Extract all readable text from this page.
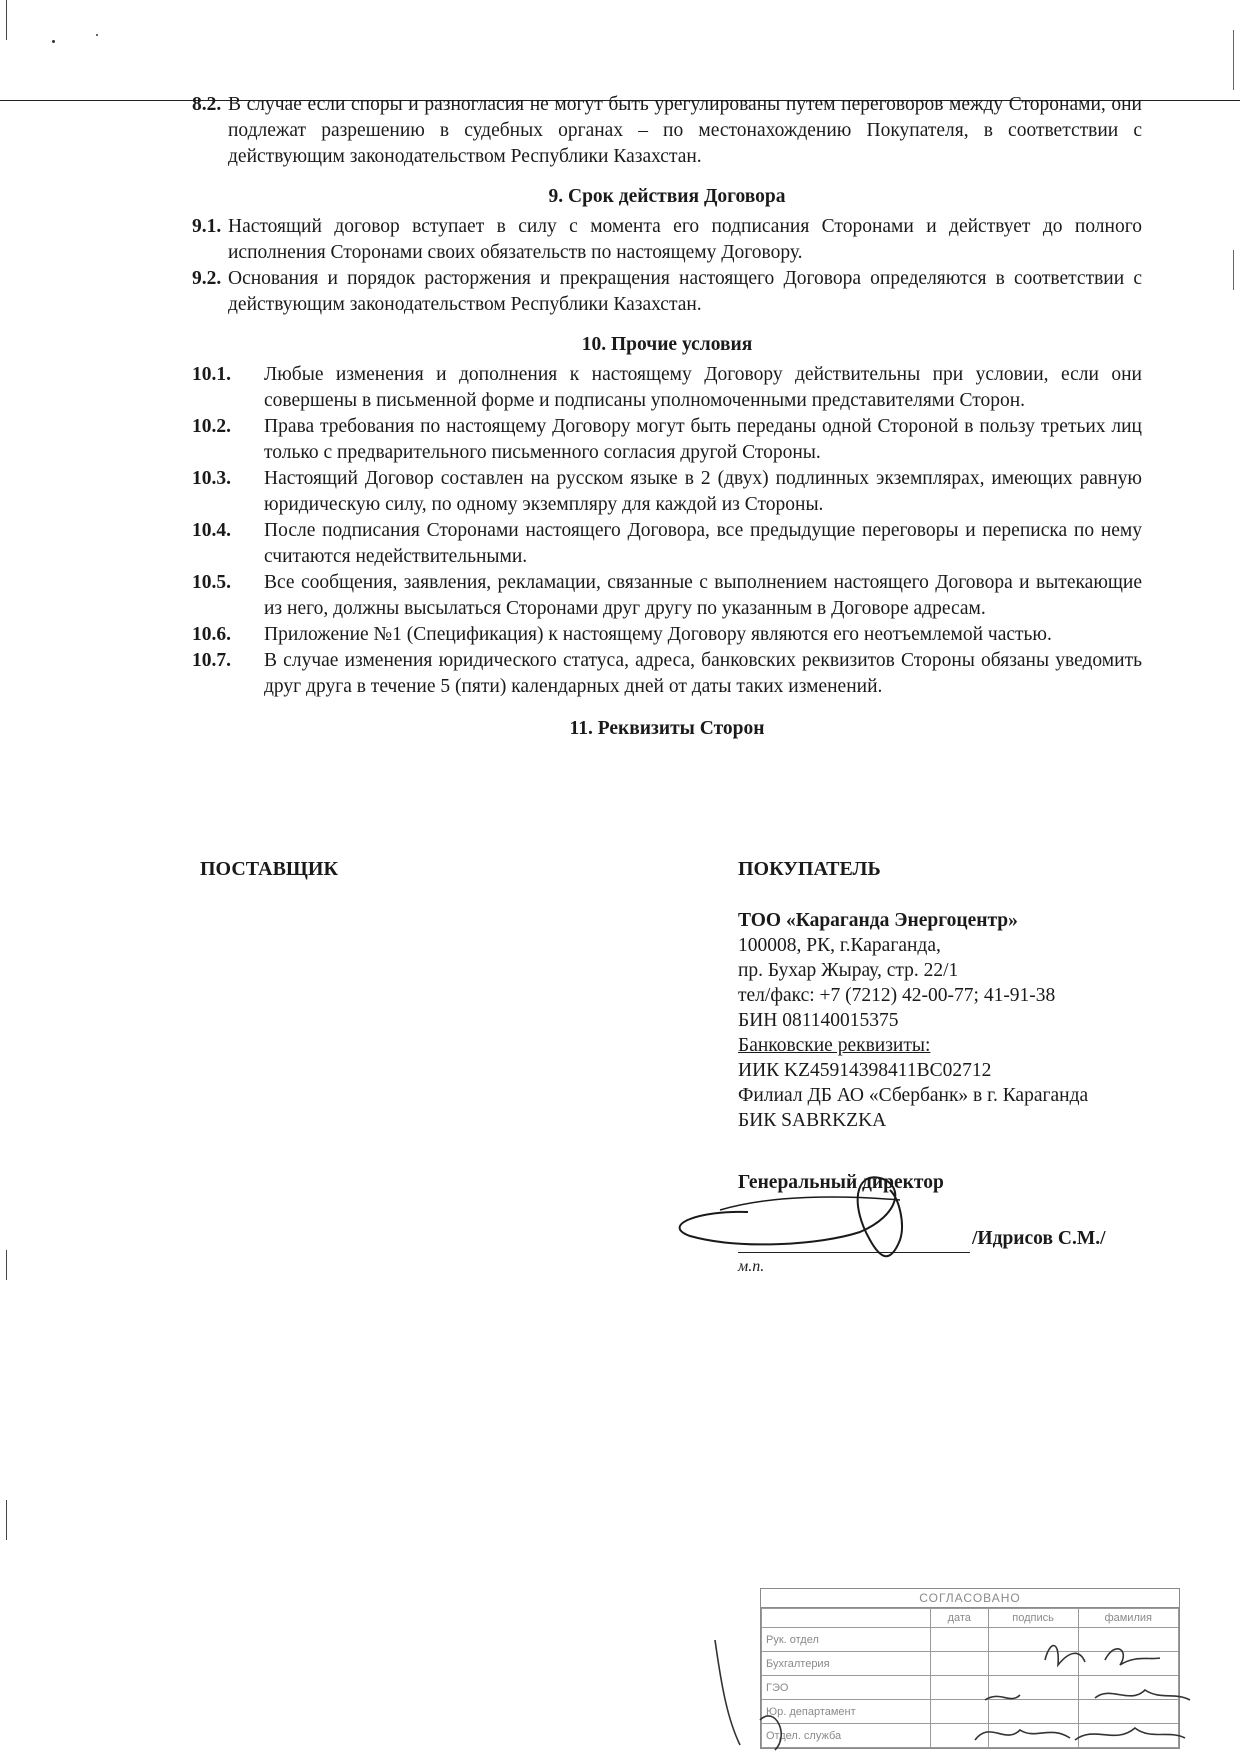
8.2. В случае если споры и разногласия не могут быть урегулированы путем переговоров между Сторонами, они подлежат разрешению в судебных органах – по местонахождению Покупателя, в соответствии с действующим законодательством Республики Казахстан.
9. Срок действия Договора
9.1. Настоящий договор вступает в силу с момента его подписания Сторонами и действует до полного исполнения Сторонами своих обязательств по настоящему Договору.
9.2. Основания и порядок расторжения и прекращения настоящего Договора определяются в соответствии с действующим законодательством Республики Казахстан.
10. Прочие условия
10.1.	Любые изменения и дополнения к настоящему Договору действительны при условии, если они совершены в письменной форме и подписаны уполномоченными представителями Сторон.
10.2.	Права требования по настоящему Договору могут быть переданы одной Стороной в пользу третьих лиц только с предварительного письменного согласия другой Стороны.
10.3.	Настоящий Договор составлен на русском языке в 2 (двух) подлинных экземплярах, имеющих равную юридическую силу, по одному экземпляру для каждой из Стороны.
10.4.	После подписания Сторонами настоящего Договора, все предыдущие переговоры и переписка по нему считаются недействительными.
10.5.	Все сообщения, заявления, рекламации, связанные с выполнением настоящего Договора и вытекающие из него, должны высылаться Сторонами друг другу по указанным в Договоре адресам.
10.6.	Приложение №1 (Спецификация) к настоящему Договору являются его неотъемлемой частью.
10.7.	В случае изменения юридического статуса, адреса, банковских реквизитов Стороны обязаны уведомить друг друга в течение 5 (пяти) календарных дней от даты таких изменений.
11. Реквизиты Сторон
ПОСТАВЩИК	ПОКУПАТЕЛЬ
ТОО «Караганда Энергоцентр»
100008, РК, г.Караганда,
пр. Бухар Жырау, стр. 22/1
тел/факс: +7 (7212) 42-00-77; 41-91-38
БИН 081140015375
Банковские реквизиты:
ИИК KZ45914398411BC02712
Филиал ДБ АО «Сбербанк» в г. Караганда
БИК SABRKZKA
Генеральный директор
/Идрисов С.М./
м.п.
СОГЛАСОВАНО
	дата	подпись	фамилия
Рук. отдел			
Бухгалтерия			
ГЭО			
Юр. департамент			
Отдел. служба			
